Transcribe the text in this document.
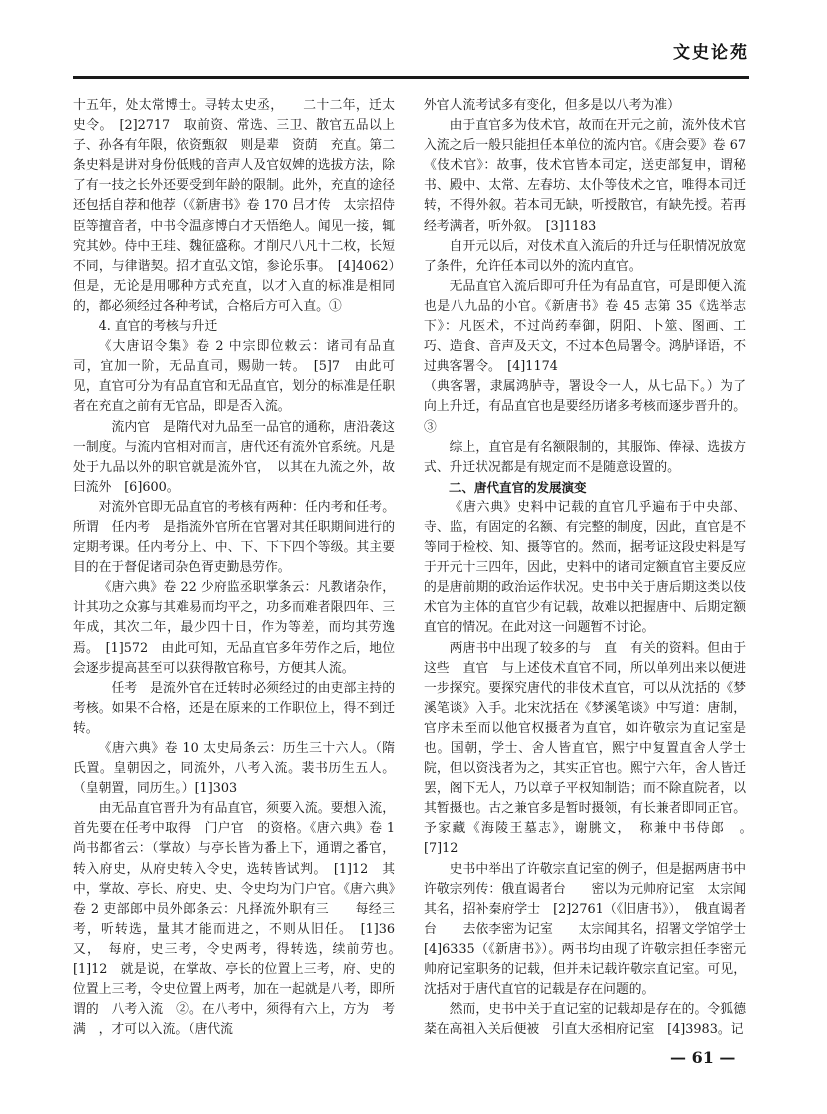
文史论苑

十五年，处太常博士。寻转太史丞，　　二十二年，迁太史令。　[2]2717　取前资、常选、三卫、散官五品以上子、孙各有年限，依资甄叙　则是辈　资荫　充直。第二条史料是讲对身份低贱的音声人及官奴婢的选拔方法，除了有一技之长外还要受到年龄的限制。此外，充直的途径还包括自荐和他荐（《新唐书》卷 170 吕才传　太宗招侍臣等擅音者，中书令温彦博白才天悟绝人。闻见一接，辄究其妙。侍中王珪、魏征盛称。才削尺八凡十二枚，长短不同，与律谐契。招才直弘文馆，参论乐事。　[4]4062）但是，无论是用哪种方式充直，以才入直的标准是相同的，都必须经过各种考试，合格后方可入直。①

4. 直官的考核与升迁

《大唐诏令集》卷 2 中宗即位敕云：诸司有品直司，宜加一阶，无品直司，赐勋一转。　[5]7　由此可见，直官可分为有品直官和无品直官，划分的标准是任职者在充直之前有无官品，即是否入流。

　流内官　是隋代对九品至一品官的通称，唐沿袭这一制度。与流内官相对而言，唐代还有流外官系统。凡是处于九品以外的职官就是流外官，　以其在九流之外，故曰流外　[6]600。

对流外官即无品直官的考核有两种：任内考和任考。所谓　任内考　是指流外官所在官署对其任职期间进行的定期考课。任内考分上、中、下、下下四个等级。其主要目的在于督促诸司杂色胥吏勤恳劳作。

《唐六典》卷 22 少府监丞职掌条云：凡教诸杂作，计其功之众寡与其难易而均平之，功多而难者限四年、三年成，其次二年，最少四十日，作为等差，而均其劳逸焉。　[1]572　由此可知，无品直官多年劳作之后，地位会逐步提高甚至可以获得散官称号，方便其人流。

　任考　是流外官在迁转时必须经过的由吏部主持的考核。如果不合格，还是在原来的工作职位上，得不到迁转。

《唐六典》卷 10 太史局条云：历生三十六人。（隋氏置。皇朝因之，同流外，八考入流。裴书历生五人。（皇朝置，同历生。）[1]303

由无品直官晋升为有品直官，须要入流。要想入流，首先要在任考中取得　门户官　的资格。《唐六典》卷 1 尚书都省云：（掌故）与亭长皆为番上下，通谓之番官，转入府史，从府史转入令史，选转皆试判。　[1]12　其中，掌故、亭长、府史、史、令史均为门户官。《唐六典》卷 2 吏部郎中员外郎条云：凡择流外职有三　　每经三考，听转选，量其才能而进之，不则从旧任。　[1]36　又，　每府，史三考，令史两考，得转选，续前劳也。　[1]12　就是说，在掌故、亭长的位置上三考，府、史的位置上三考，令史位置上两考，加在一起就是八考，即所谓的　八考入流　②。在八考中，须得有六上，方为　考满　，才可以入流。（唐代流

外官人流考试多有变化，但多是以八考为准）

由于直官多为伎术官，故而在开元之前，流外伎术官入流之后一般只能担任本单位的流内官。《唐会要》卷 67《伎术官》：故事，伎术官皆本司定，送吏部复申，谓秘书、殿中、太常、左春坊、太仆等伎术之官，唯得本司迁转，不得外叙。若本司无缺，听授散官，有缺先授。若再经考满者，听外叙。　[3]1183

自开元以后，对伎术直入流后的升迁与任职情况放宽了条件，允许任本司以外的流内直官。

无品直官入流后即可升任为有品直官，可是即便入流也是八九品的小官。《新唐书》卷 45 志第 35《选举志下》：凡医术，不过尚药奉御，阴阳、卜筮、图画、工巧、造食、音声及天文，不过本色局署令。鸿胪译语，不过典客署令。　[4]1174

（典客署，隶属鸿胪寺，署设令一人，从七品下。）为了向上升迁，有品直官也是要经历诸多考核而逐步晋升的。③

综上，直官是有名额限制的，其服饰、俸禄、选拔方式、升迁状况都是有规定而不是随意设置的。

二、唐代直官的发展演变

《唐六典》史料中记载的直官几乎遍布于中央部、寺、监，有固定的名额、有完整的制度，因此，直官是不等同于检校、知、摄等官的。然而，据考证这段史料是写于开元十三四年，因此，史料中的诸司定额直官主要反应的是唐前期的政治运作状况。史书中关于唐后期这类以伎术官为主体的直官少有记载，故难以把握唐中、后期定额直官的情况。在此对这一问题暂不讨论。

两唐书中出现了较多的与　直　有关的资料。但由于这些　直官　与上述伎术直官不同，所以单列出来以便进一步探究。要探究唐代的非伎术直官，可以从沈括的《梦溪笔谈》入手。北宋沈括在《梦溪笔谈》中写道：唐制，官序未至而以他官权摄者为直官，如许敬宗为直记室是也。国朝，学士、舍人皆直官，熙宁中复置直舍人学士院，但以资浅者为之，其实正官也。熙宁六年，舍人皆迁罢，阁下无人，乃以章子平权知制诰；而不除直院者，以其暂摄也。古之兼官多是暂时摄领，有长兼者即同正官。予家藏《海陵王墓志》，谢朓文，　称兼中书侍郎　。　[7]12

史书中举出了许敬宗直记室的例子，但是据两唐书中许敬宗列传：俄直谒者台　　密以为元帅府记室　太宗闻其名，招补秦府学士　[2]2761（《旧唐书》），　俄直谒者台　　去依李密为记室　　太宗闻其名，招署文学馆学士　[4]6335（《新唐书》）。两书均由现了许敬宗担任李密元帅府记室职务的记载，但并未记载许敬宗直记室。可见，沈括对于唐代直官的记载是存在问题的。

然而，史书中关于直记室的记载却是存在的。令狐德棻在高祖入关后便被　引直大丞相府记室　[4]3983。记

— 61 —
